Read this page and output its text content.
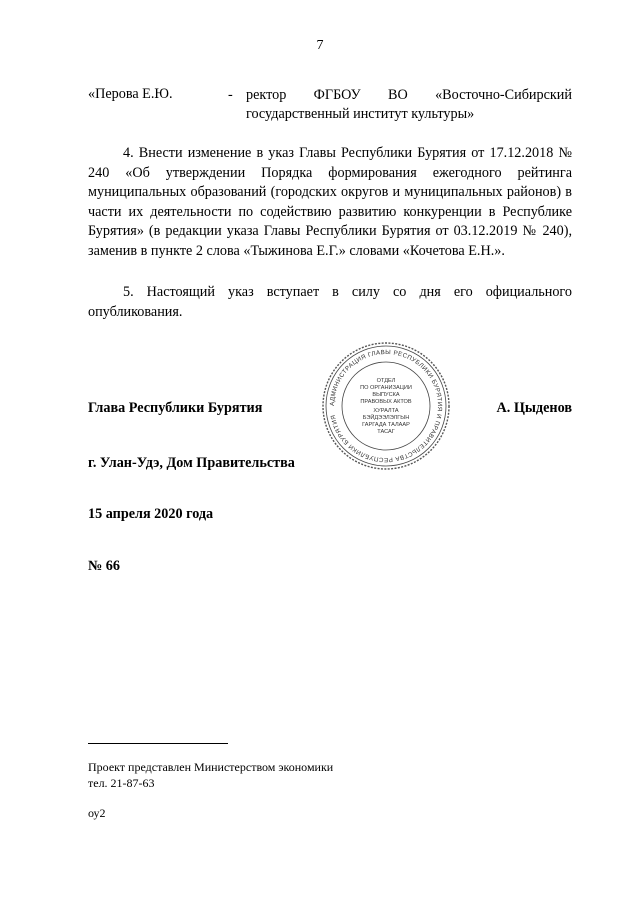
7
«Перова Е.Ю.	- ректор ФГБОУ ВО «Восточно-Сибирский государственный институт культуры»

4. Внести изменение в указ Главы Республики Бурятия от 17.12.2018 № 240 «Об утверждении Порядка формирования ежегодного рейтинга муниципальных образований (городских округов и муниципальных районов) в части их деятельности по содействию развитию конкуренции в Республике Бурятия» (в редакции указа Главы Республики Бурятия от 03.12.2019 № 240), заменив в пункте 2 слова «Тыжинова Е.Г.» словами «Кочетова Е.Н.».

5. Настоящий указ вступает в силу со дня его официального опубликования.

Глава Республики Бурятия	АДМИНИСТРАЦИЯ ГЛАВЫ РЕСПУБЛИКИ БУРЯТИЯ И ПРАВИТЕЛЬСТВА РЕСПУБЛИКИ БУРЯТИЯ
ОТДЕЛ
ПО ОРГАНИЗАЦИИ
ВЫПУСКА
ПРАВОВЫХ АКТОВ
ХУРАЛТА
БЭЙДЭЭЛЭЛГЫН
ГАРГАДА ТАЛААР
ТАСАГ
А. Цыденов
г. Улан-Удэ, Дом Правительства
15 апреля 2020 года
№ 66
Проект представлен Министерством экономики
тел. 21-87-63
оу2
